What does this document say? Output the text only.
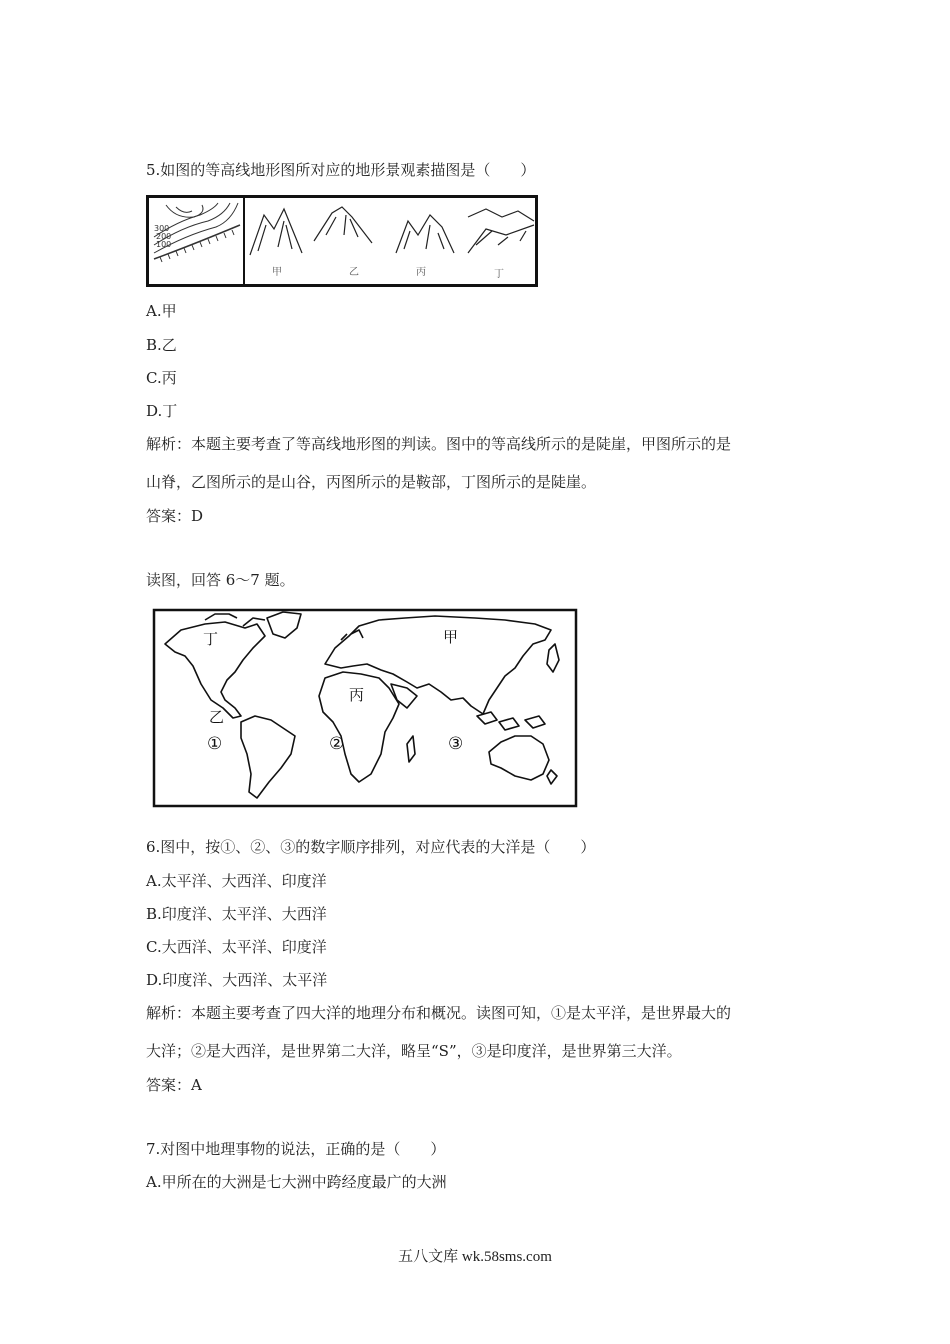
5.如图的等高线地形图所对应的地形景观素描图是（　　）
300
200
100
甲	乙	丙	丁
A.甲
B.乙
C.丙
D.丁
解析：本题主要考查了等高线地形图的判读。图中的等高线所示的是陡崖，甲图所示的是
山脊，乙图所示的是山谷，丙图所示的是鞍部，丁图所示的是陡崖。
答案：D
读图，回答 6～7 题。
丁	甲
乙
丙
①	②	③
6.图中，按①、②、③的数字顺序排列，对应代表的大洋是（　　）
A.太平洋、大西洋、印度洋
B.印度洋、太平洋、大西洋
C.大西洋、太平洋、印度洋
D.印度洋、大西洋、太平洋
解析：本题主要考查了四大洋的地理分布和概况。读图可知，①是太平洋，是世界最大的
大洋；②是大西洋，是世界第二大洋，略呈“S”，③是印度洋，是世界第三大洋。
答案：A
7.对图中地理事物的说法，正确的是（　　）
A.甲所在的大洲是七大洲中跨经度最广的大洲
五八文库 wk.58sms.com
